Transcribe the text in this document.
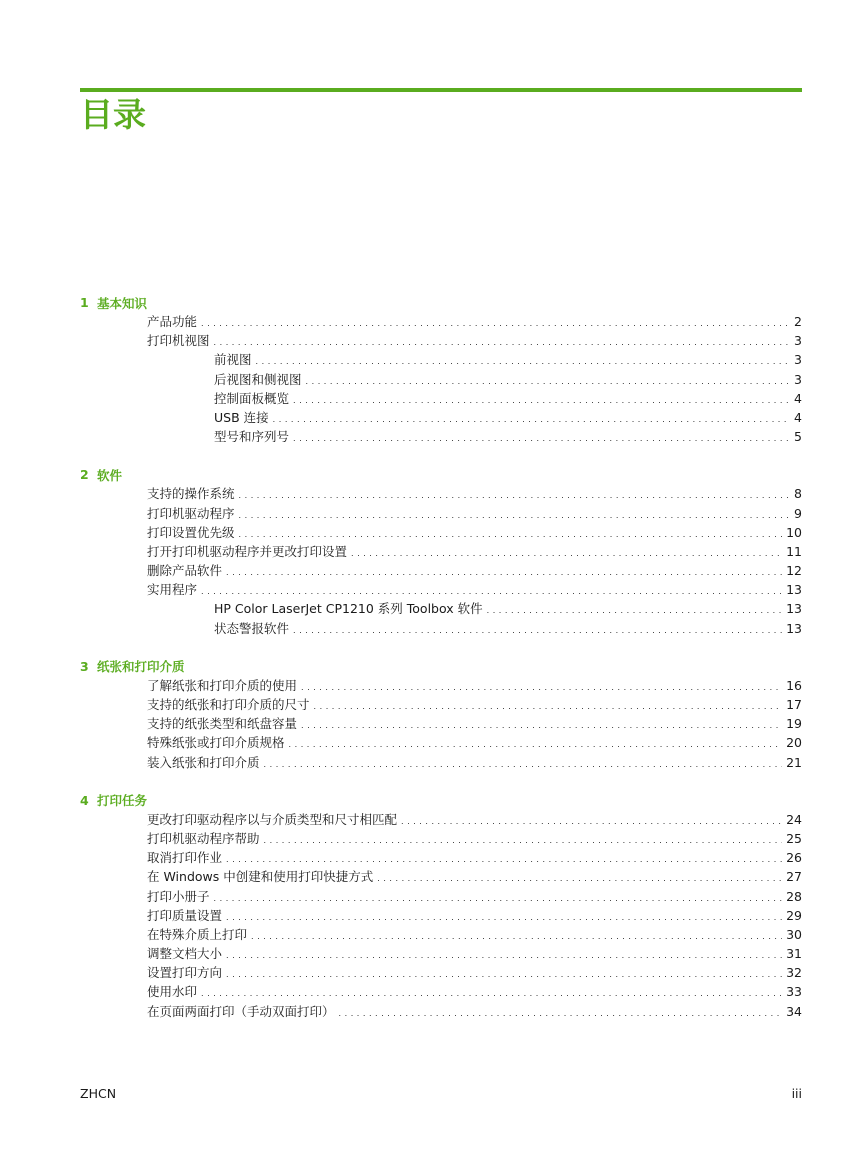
目录
1 基本知识
产品功能 . . .	2
打印机视图 . . .	3
前视图 . . .	3
后视图和侧视图 . . .	3
控制面板概览 . . .	4
USB 连接 . . .	4
型号和序列号 . . .	5
2 软件
支持的操作系统 . . .	8
打印机驱动程序 . . .	9
打印设置优先级 . . .	10
打开打印机驱动程序并更改打印设置 . . .	11
删除产品软件 . . .	12
实用程序 . . .	13
HP Color LaserJet CP1210 系列 Toolbox 软件 . . .	13
状态警报软件 . . .	13
3 纸张和打印介质
了解纸张和打印介质的使用 . . .	16
支持的纸张和打印介质的尺寸 . . .	17
支持的纸张类型和纸盘容量 . . .	19
特殊纸张或打印介质规格 . . .	20
装入纸张和打印介质 . . .	21
4 打印任务
更改打印驱动程序以与介质类型和尺寸相匹配 . . .	24
打印机驱动程序帮助 . . .	25
取消打印作业 . . .	26
在 Windows 中创建和使用打印快捷方式 . . .	27
打印小册子 . . .	28
打印质量设置 . . .	29
在特殊介质上打印 . . .	30
调整文档大小 . . .	31
设置打印方向 . . .	32
使用水印 . . .	33
在页面两面打印（手动双面打印） . . .	34
ZHCN	iii
